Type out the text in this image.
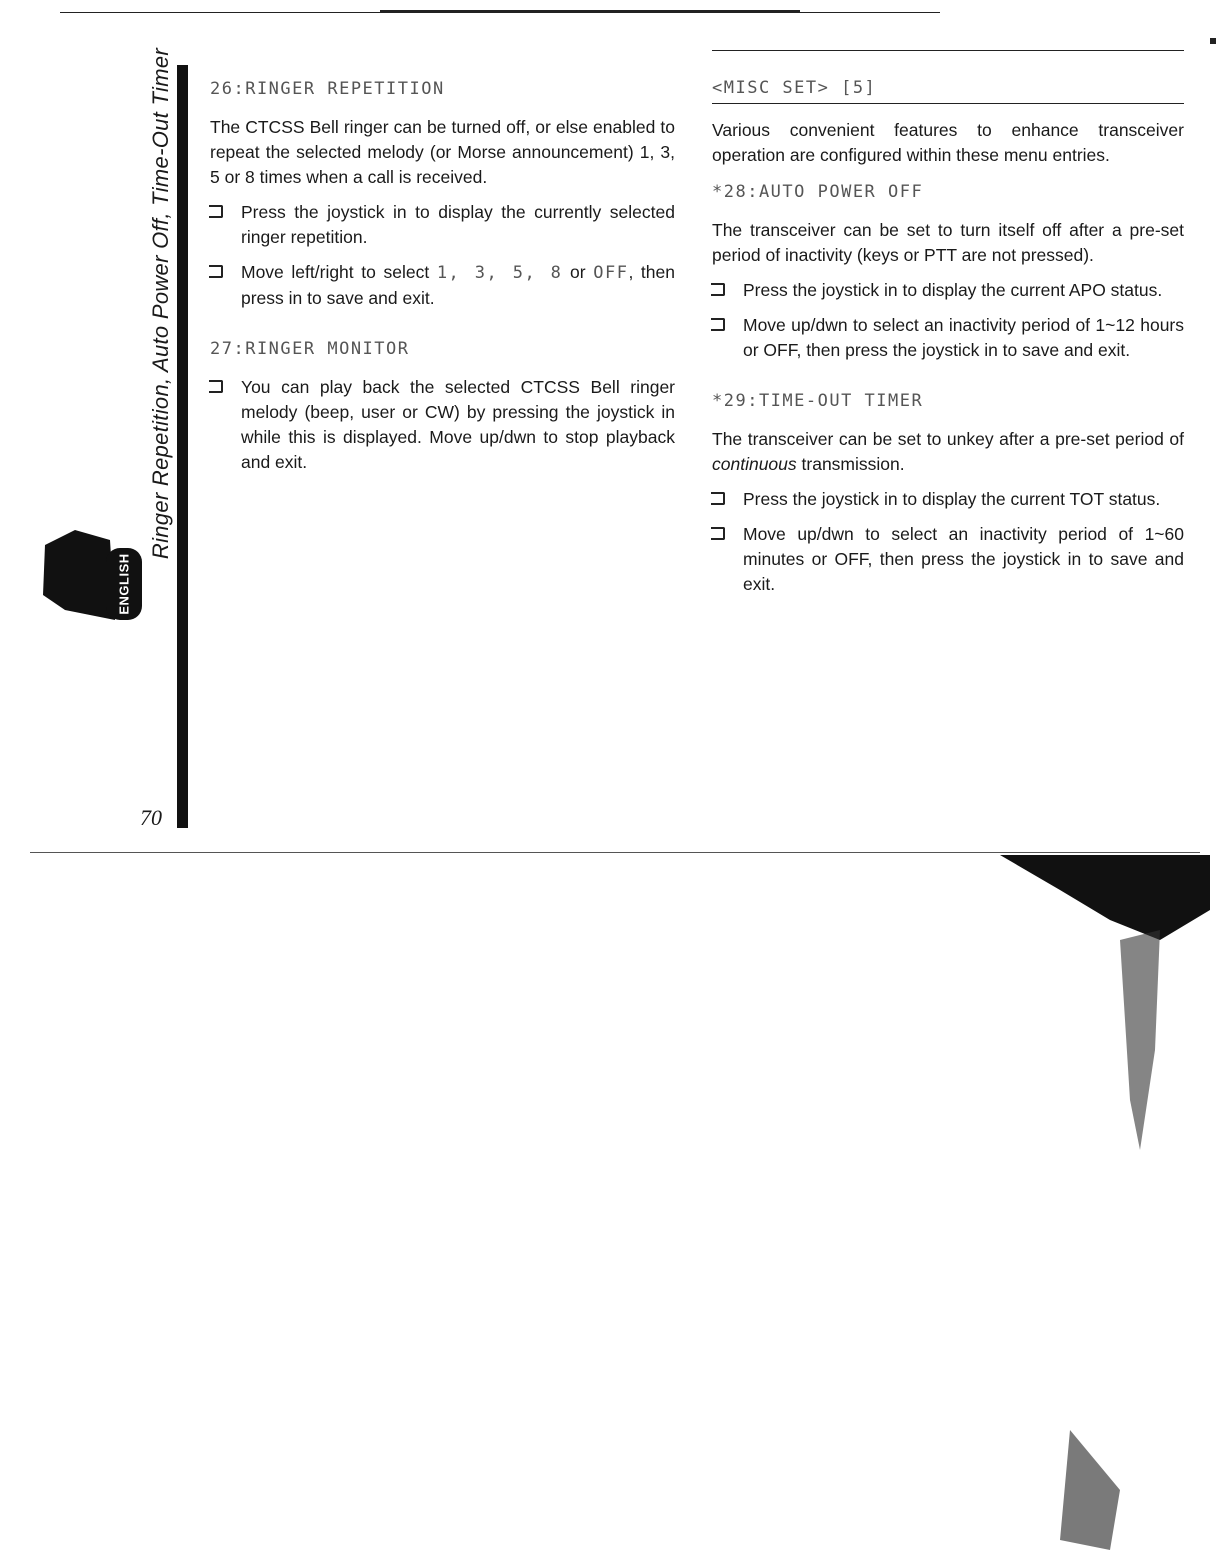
Ringer Repetition, Auto Power Off, Time-Out Timer
ENGLISH
70
26:RINGER REPETITION

The CTCSS Bell ringer can be turned off, or else enabled to repeat the selected melody (or Morse announcement) 1, 3, 5 or 8 times when a call is received.

Press the joystick in to display the currently selected ringer repetition.
Move left/right to select 1, 3, 5, 8 or OFF, then press in to save and exit.
27:RINGER MONITOR
You can play back the selected CTCSS Bell ringer melody (beep, user or CW) by pressing the joystick in while this is displayed. Move up/dwn to stop playback and exit.
<MISC SET> [5]

Various convenient features to enhance transceiver operation are configured within these menu entries.

*28:AUTO POWER OFF

The transceiver can be set to turn itself off after a pre-set period of inactivity (keys or PTT are not pressed).

Press the joystick in to display the current APO status.
Move up/dwn to select an inactivity period of 1~12 hours or OFF, then press the joystick in to save and exit.
*29:TIME-OUT TIMER

The transceiver can be set to unkey after a pre-set period of continuous transmission.

Press the joystick in to display the current TOT status.
Move up/dwn to select an inactivity period of 1~60 minutes or OFF, then press the joystick in to save and exit.
